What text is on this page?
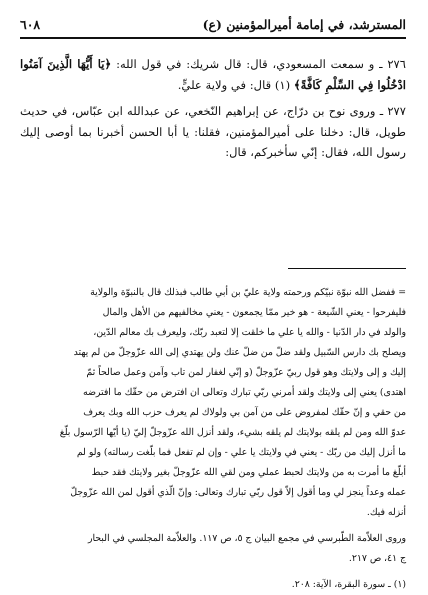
المسترشد، في إمامة أميرالمؤمنين (ع)
٦٠٨

٢٧٦ ـ و سمعت المسعودي، قال: قال شريك: في قول الله: ﴿يَا أَيُّهَا الَّذِينَ آمَنُوا ادْخُلُوا فِي السِّلْمِ كَافَّةً﴾ (١) قال: في ولاية عليٍّ.

٢٧٧ ـ وروى نوح بن درّاج، عن إبراهيم النّخعي، عن عبدالله ابن عبّاس، في حديث طويل، قال: دخلنا على أميرالمؤمنين، فقلنا: يا أبا الحسن أخبرنا بما أوصى إليك رسول الله، فقال: إنّي سأخبركم، قال:

= ففضل الله نبوّة نبيّكم ورحمته ولاية عليّ بن أبي طالب فبذلك قال بالنبوّة والولاية

فليفرحوا - يعني الشّيعة - هو خير ممّا يجمعون - يعني مخالفيهم من الأهل والمال

والولد في دار الدّنيا - والله يا علي ما خلقت إلا لتعبد ربّك، وليعرف بك معالم الدّين،

ويصلح بك دارس السّبيل ولقد ضلّ من ضلّ عنك ولن يهتدي إلى الله عزّوجلّ من لم يهتد

إليك و إلى ولايتك وهو قول ربيّ عزّوجلّ (و إنّي لغفار لمن تاب وآمن وعمل صالحاً ثمّ

اهتدى) يعني إلى ولايتك ولقد أمرني ربّي تبارك وتعالى ان افترض من حقّك ما افترضه

من حقي و إنّ حقّك لمفروض على من آمن بي ولولاك لم يعرف حزب الله وبك يعرف

عدوّ الله ومن لم يلقه بولايتك لم يلقه بشيء، ولقد أنزل الله عزّوجلّ إليّ (يا أيّها الرّسول بلّغ

ما أنزل إليك من ربّك - يعني في ولايتك يا علي - وإن لم تفعل فما بلّغت رسالته) ولو لم

أبلّغ ما أمرت به من ولايتك لحبط عملي ومن لقي الله عزّوجلّ بغير ولايتك فقد حبط

عمله وعداً ينجز لي وما أقول إلاّ قول ربّي تبارك وتعالى: وإنّ الّذي أقول لمن الله عزّوجلّ

أنزله فيك.

وروى العلاّمة الطّبرسي في مجمع البيان ج ٥، ص ١١٧. والعلاّمة المجلسي في البحار

ج ٤١، ص ٢١٧.

(١) ـ سورة البقرة، الآية: ٢٠٨.
